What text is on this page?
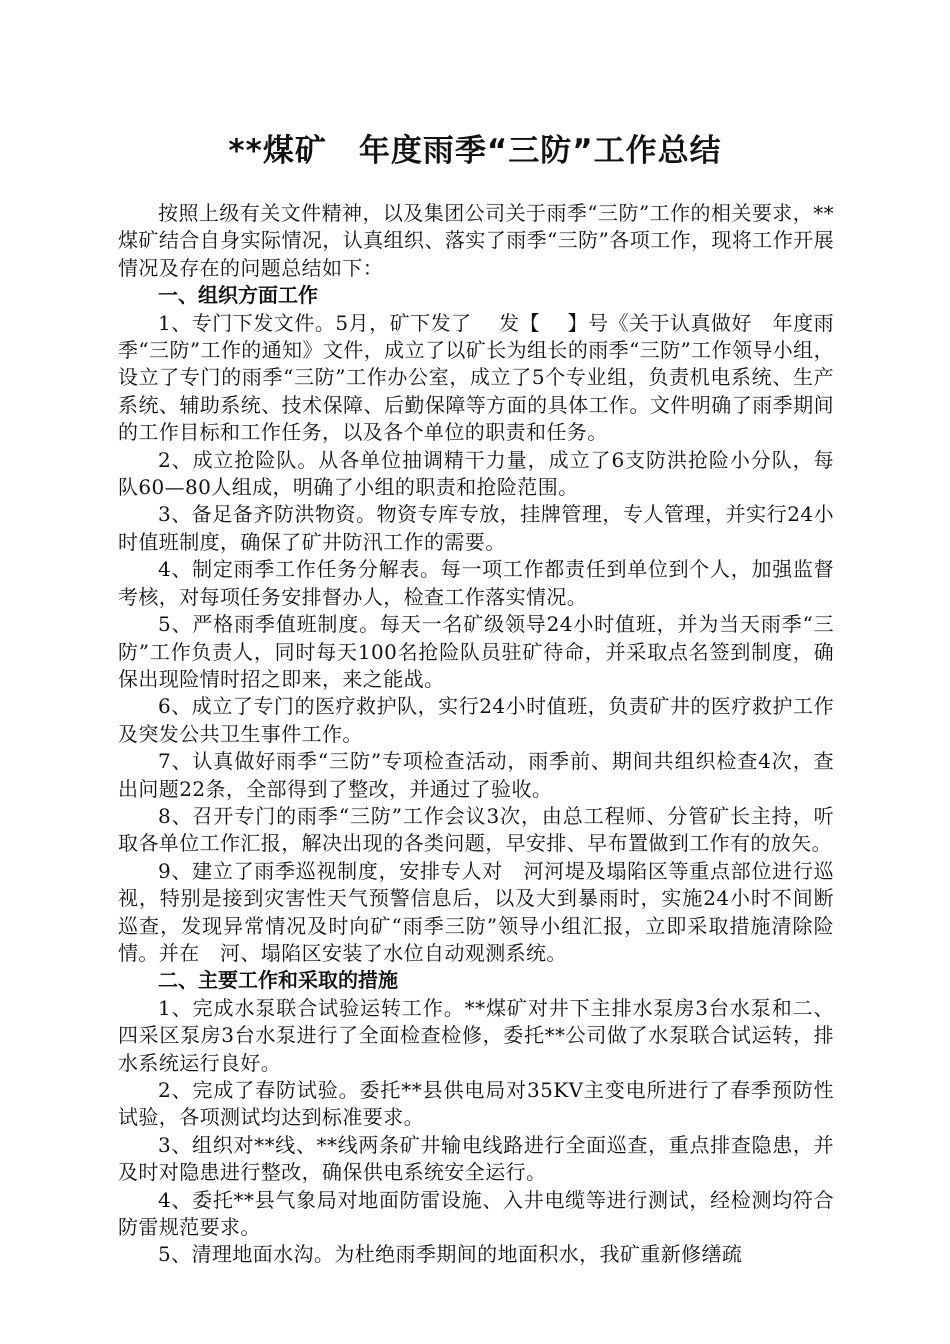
**煤矿　年度雨季“三防”工作总结

按照上级有关文件精神，以及集团公司关于雨季“三防”工作的相关要求，**煤矿结合自身实际情况，认真组织、落实了雨季“三防”各项工作，现将工作开展情况及存在的问题总结如下：

一、组织方面工作

1、专门下发文件。5月，矿下发了　 发【　 】号《关于认真做好　年度雨季“三防”工作的通知》文件，成立了以矿长为组长的雨季“三防”工作领导小组，设立了专门的雨季“三防”工作办公室，成立了5个专业组，负责机电系统、生产系统、辅助系统、技术保障、后勤保障等方面的具体工作。文件明确了雨季期间的工作目标和工作任务，以及各个单位的职责和任务。

2、成立抢险队。从各单位抽调精干力量，成立了6支防洪抢险小分队，每队60—80人组成，明确了小组的职责和抢险范围。

3、备足备齐防洪物资。物资专库专放，挂牌管理，专人管理，并实行24小时值班制度，确保了矿井防汛工作的需要。

4、制定雨季工作任务分解表。每一项工作都责任到单位到个人，加强监督考核，对每项任务安排督办人，检查工作落实情况。

5、严格雨季值班制度。每天一名矿级领导24小时值班，并为当天雨季“三防”工作负责人，同时每天100名抢险队员驻矿待命，并采取点名签到制度，确保出现险情时招之即来，来之能战。

6、成立了专门的医疗救护队，实行24小时值班，负责矿井的医疗救护工作及突发公共卫生事件工作。

7、认真做好雨季“三防”专项检查活动，雨季前、期间共组织检查4次，查出问题22条，全部得到了整改，并通过了验收。

8、召开专门的雨季“三防”工作会议3次，由总工程师、分管矿长主持，听取各单位工作汇报，解决出现的各类问题，早安排、早布置做到工作有的放矢。

9、建立了雨季巡视制度，安排专人对　河河堤及塌陷区等重点部位进行巡视，特别是接到灾害性天气预警信息后，以及大到暴雨时，实施24小时不间断巡查，发现异常情况及时向矿“雨季三防”领导小组汇报，立即采取措施清除险情。并在　河、塌陷区安装了水位自动观测系统。

二、主要工作和采取的措施

1、完成水泵联合试验运转工作。**煤矿对井下主排水泵房3台水泵和二、四采区泵房3台水泵进行了全面检查检修，委托**公司做了水泵联合试运转，排水系统运行良好。

2、完成了春防试验。委托**县供电局对35KV主变电所进行了春季预防性试验，各项测试均达到标准要求。

3、组织对**线、**线两条矿井输电线路进行全面巡查，重点排查隐患，并及时对隐患进行整改，确保供电系统安全运行。

4、委托**县气象局对地面防雷设施、入井电缆等进行测试，经检测均符合防雷规范要求。

5、清理地面水沟。为杜绝雨季期间的地面积水，我矿重新修缮疏
